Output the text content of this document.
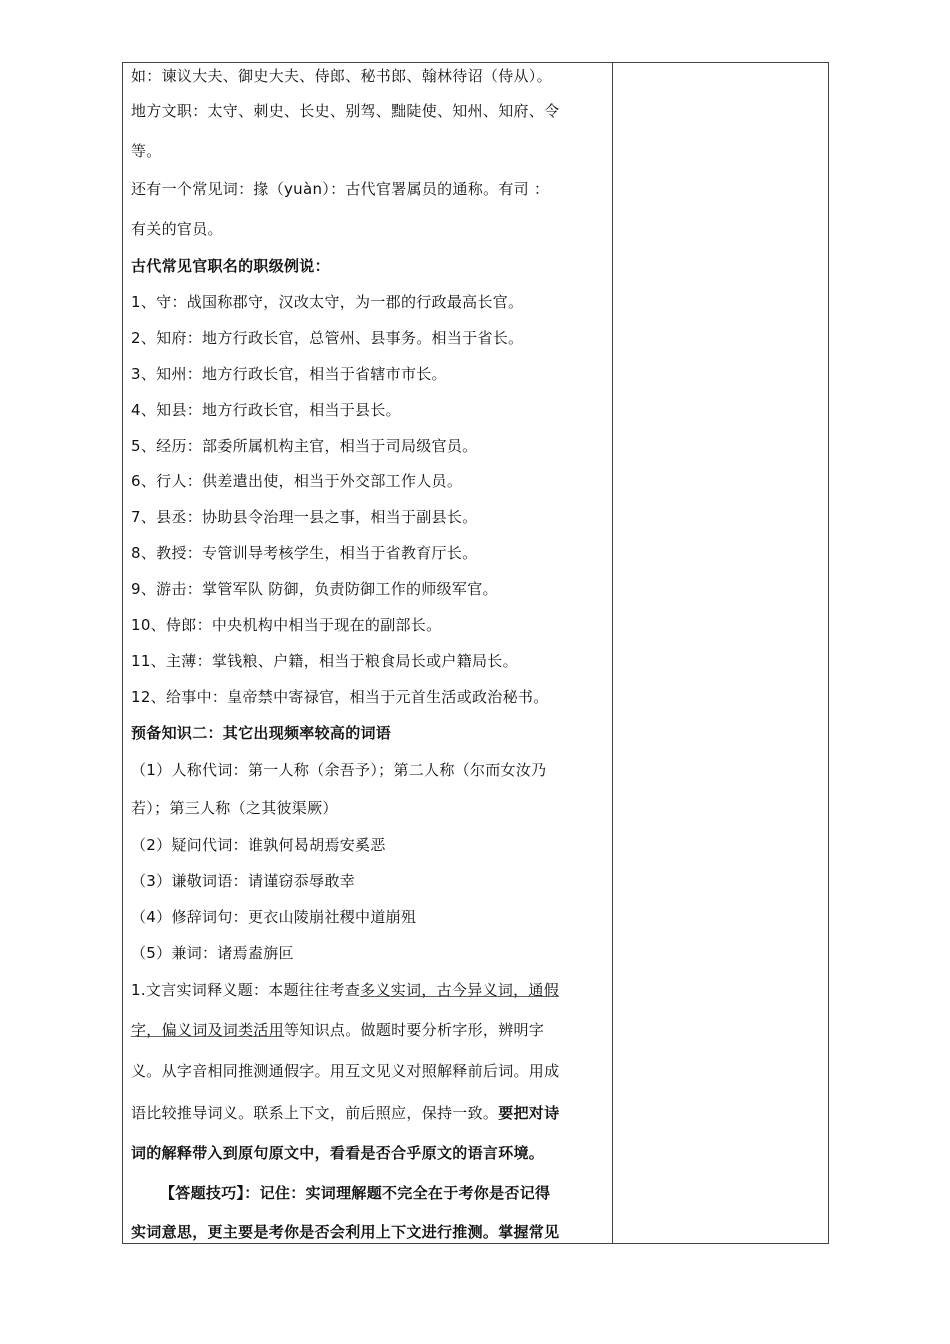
如：谏议大夫、御史大夫、侍郎、秘书郎、翰林待诏（侍从）。
地方文职：太守、刺史、长史、别驾、黜陡使、知州、知府、令
等。
还有一个常见词：掾（yuàn）：古代官署属员的通称。有司 ：
有关的官员。
古代常见官职名的职级例说：
1、守：战国称郡守，汉改太守，为一郡的行政最高长官。
2、知府：地方行政长官，总管州、县事务。相当于省长。
3、知州：地方行政长官，相当于省辖市市长。
4、知县：地方行政长官，相当于县长。
5、经历：部委所属机构主官，相当于司局级官员。
6、行人：供差遣出使，相当于外交部工作人员。
7、县丞：协助县令治理一县之事，相当于副县长。
8、教授：专管训导考核学生，相当于省教育厅长。
9、游击：掌管军队 防御，负责防御工作的师级军官。
10、侍郎：中央机构中相当于现在的副部长。
11、主薄：掌钱粮、户籍，相当于粮食局长或户籍局长。
12、给事中：皇帝禁中寄禄官，相当于元首生活或政治秘书。
预备知识二：其它出现频率较高的词语
（1）人称代词：第一人称（余吾予）；第二人称（尔而女汝乃
若）；第三人称（之其彼渠厥）
（2）疑问代词：谁孰何曷胡焉安奚恶
（3）谦敬词语：请谨窃忝辱敢幸
（4）修辞词句：更衣山陵崩社稷中道崩殂
（5）兼词：诸焉盍旃叵
1.文言实词释义题：本题往往考查多义实词，古今异义词，通假
字，偏义词及词类活用等知识点。做题时要分析字形，辨明字
义。从字音相同推测通假字。用互文见义对照解释前后词。用成
语比较推导词义。联系上下文，前后照应，保持一致。要把对诗
词的解释带入到原句原文中，看看是否合乎原文的语言环境。
【答题技巧】：记住：实词理解题不完全在于考你是否记得
实词意思，更主要是考你是否会利用上下文进行推测。掌握常见
